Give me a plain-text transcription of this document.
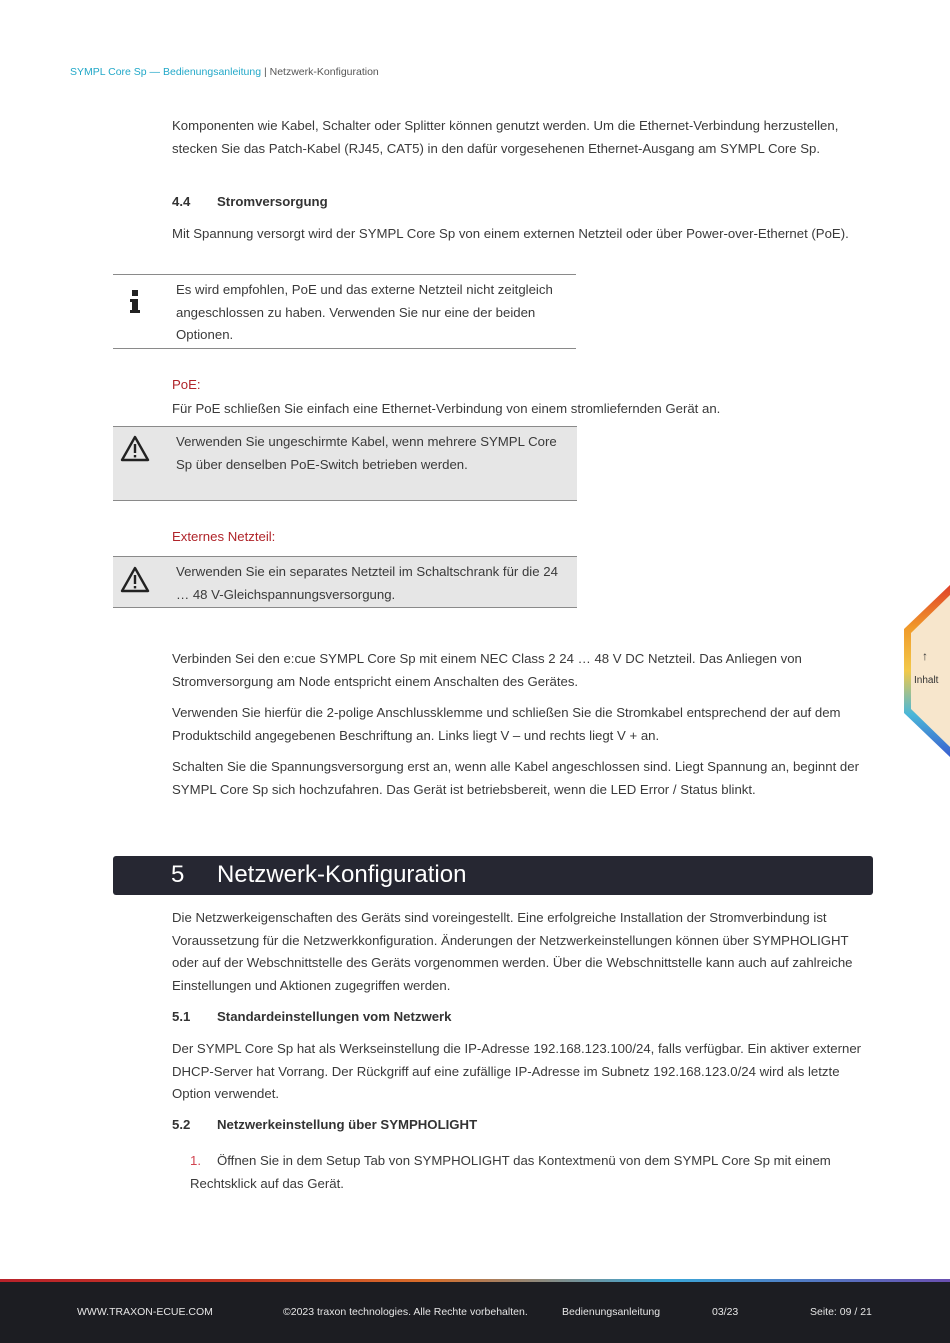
SYMPL Core Sp — Bedienungsanleitung | Netzwerk-Konfiguration

Komponenten wie Kabel, Schalter oder Splitter können genutzt werden. Um die Ethernet-Verbindung herzustellen, stecken Sie das Patch-Kabel (RJ45, CAT5) in den dafür vorgesehenen Ethernet-Ausgang am SYMPL Core Sp.

4.4 Stromversorgung

Mit Spannung versorgt wird der SYMPL Core Sp von einem externen Netzteil oder über Power-over-Ethernet (PoE).

Es wird empfohlen, PoE und das externe Netzteil nicht zeitgleich angeschlossen zu haben. Verwenden Sie nur eine der beiden Optionen.
PoE:

Für PoE schließen Sie einfach eine Ethernet-Verbindung von einem stromliefernden Gerät an.

Verwenden Sie ungeschirmte Kabel, wenn mehrere SYMPL Core Sp über denselben PoE-Switch betrieben werden.
Externes Netzteil:
Verwenden Sie ein separates Netzteil im Schaltschrank für die 24 … 48 V-Gleichspannungsversorgung.

Verbinden Sei den e:cue SYMPL Core Sp mit einem NEC Class 2 24 … 48 V DC Netzteil. Das Anliegen von Stromversorgung am Node entspricht einem Anschalten des Gerätes.

Verwenden Sie hierfür die 2-polige Anschlussklemme und schließen Sie die Stromkabel entsprechend der auf dem Produktschild angegebenen Beschriftung an. Links liegt V – und rechts liegt V + an.

Schalten Sie die Spannungsversorgung erst an, wenn alle Kabel angeschlossen sind. Liegt Spannung an, beginnt der SYMPL Core Sp sich hochzufahren. Das Gerät ist betriebsbereit, wenn die LED Error / Status blinkt.

5 Netzwerk-Konfiguration

Die Netzwerkeigenschaften des Geräts sind voreingestellt. Eine erfolgreiche Installation der Stromverbindung ist Voraussetzung für die Netzwerkkonfiguration. Änderungen der Netzwerkeinstellungen können über SYMPHOLIGHT oder auf der Webschnittstelle des Geräts vorgenommen werden. Über die Webschnittstelle kann auch auf zahlreiche Einstellungen und Aktionen zugegriffen werden.

5.1 Standardeinstellungen vom Netzwerk

Der SYMPL Core Sp hat als Werkseinstellung die IP-Adresse 192.168.123.100/24, falls verfügbar. Ein aktiver externer DHCP-Server hat Vorrang. Der Rückgriff auf eine zufällige IP-Adresse im Subnetz 192.168.123.0/24 wird als letzte Option verwendet.

5.2 Netzwerkeinstellung über SYMPHOLIGHT
1. Öffnen Sie in dem Setup Tab von SYMPHOLIGHT das Kontextmenü von dem SYMPL Core Sp mit einem Rechtsklick auf das Gerät.
↑
Inhalt
WWW.TRAXON-ECUE.COM	©2023 traxon technologies. Alle Rechte vorbehalten.	Bedienungsanleitung	03/23	Seite: 09 / 21
